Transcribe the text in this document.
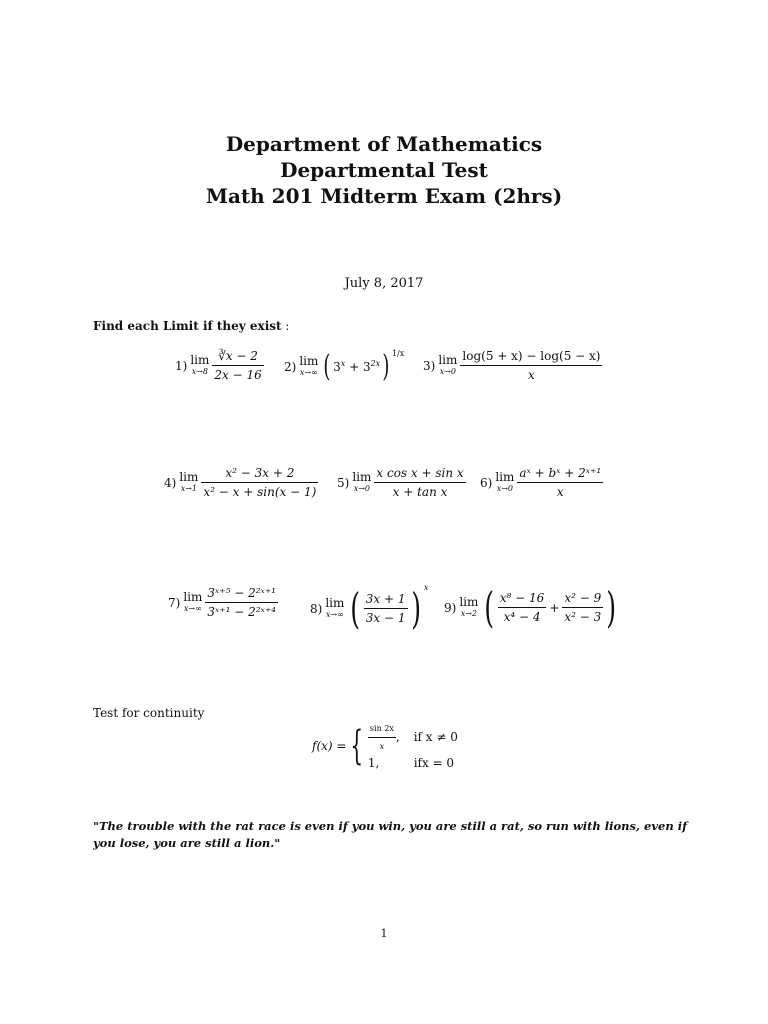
Department of Mathematics
Departmental Test
Math 201 Midterm Exam (2hrs)
July 8, 2017
Find each Limit if they exist :
1) lim
$x\to 8 \frac{∛x - 2}{2x - 16} 2$) lim
x→∞ ( $3^x + 3^{2x}$) $^{1/x}$
3) lim
$x\to 0 \frac{\log(5 + x) - \log(5 - x)}{x}$
4) lim
$x\to 1 \frac{\text{x² − 3x + 2}}{\text{x² − x + sin(x − 1)}} 5$) lim
$x\to 0 \frac{\text{x cos x + sin x}}{\text{x + tan x}} 6$) lim
$x\to 0 \frac{\text{aˣ + bˣ + 2ˣ⁺¹}}{x}$
7) lim
$x\to\infty \frac{\text{3ˣ⁺⁵ − 2²ˣ⁺¹}}{\text{3ˣ⁺¹ − 2²ˣ⁺⁴}}$	8) lim
x→∞ ( $\frac{3x + 1}{3x - 1}$ ) $^x$
9) lim
x→2 ( $\frac{\text{x⁸ − 16}}{\text{x⁴ − 4}} + \frac{\text{x² − 9}}{\text{x² − 3}}$ )
Test for continuity
f(x) = { $\frac{\sin 2x}{x}$ ,	if x ≠ 0
1,	ifx = 0
"The trouble with the rat race is even if you win, you are still a rat, so run with lions, even if you lose, you are still a lion."
1
